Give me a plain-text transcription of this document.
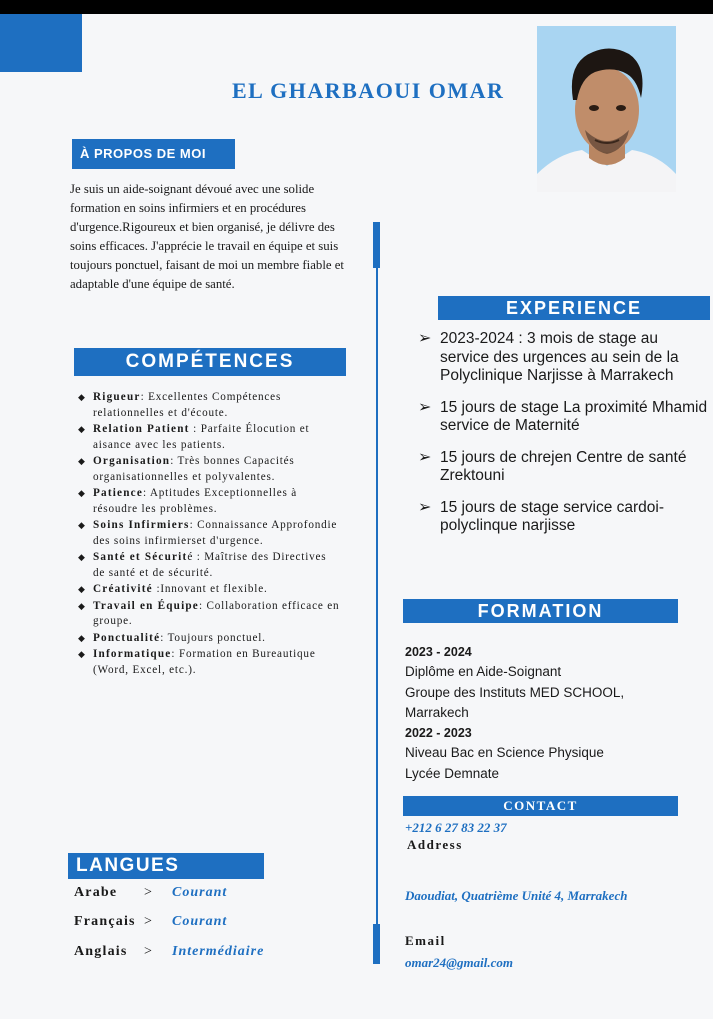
EL GHARBAOUI OMAR
À PROPOS DE MOI
Je suis un aide-soignant dévoué avec une solide formation en soins infirmiers et en procédures d'urgence.Rigoureux et bien organisé, je délivre des soins efficaces. J'apprécie le travail en équipe et suis toujours ponctuel, faisant de moi un membre fiable et adaptable d'une équipe de santé.
COMPÉTENCES
◆ Rigueur: Excellentes Compétences relationnelles et d'écoute.
◆ Relation Patient : Parfaite Élocution et aisance avec les patients.
◆ Organisation: Très bonnes Capacités organisationnelles et polyvalentes.
◆ Patience: Aptitudes Exceptionnelles à résoudre les problèmes.
◆ Soins Infirmiers: Connaissance Approfondie des soins infirmierset d'urgence.
◆ Santé et Sécurité : Maîtrise des Directives de santé et de sécurité.
◆ Créativité :Innovant et flexible.
◆ Travail en Équipe: Collaboration efficace en groupe.
◆ Ponctualité: Toujours ponctuel.
◆ Informatique: Formation en Bureautique (Word, Excel, etc.).
LANGUES
Arabe > Courant
Français > Courant
Anglais > Intermédiaire
EXPERIENCE
➢ 2023-2024 : 3 mois de stage au service des urgences au sein de la Polyclinique Narjisse à Marrakech
➢ 15 jours de stage La proximité Mhamid service de Maternité
➢ 15 jours de chrejen Centre de santé Zrektouni
➢ 15 jours de stage service cardoi-polyclinque narjisse
FORMATION
2023 - 2024
Diplôme en Aide-Soignant
Groupe des Instituts MED SCHOOL,
Marrakech
2022 - 2023
Niveau Bac en Science Physique
Lycée Demnate
CONTACT
+212 6 27 83 22 37
Address
Daoudiat, Quatrième Unité 4, Marrakech
Email
omar24@gmail.com
